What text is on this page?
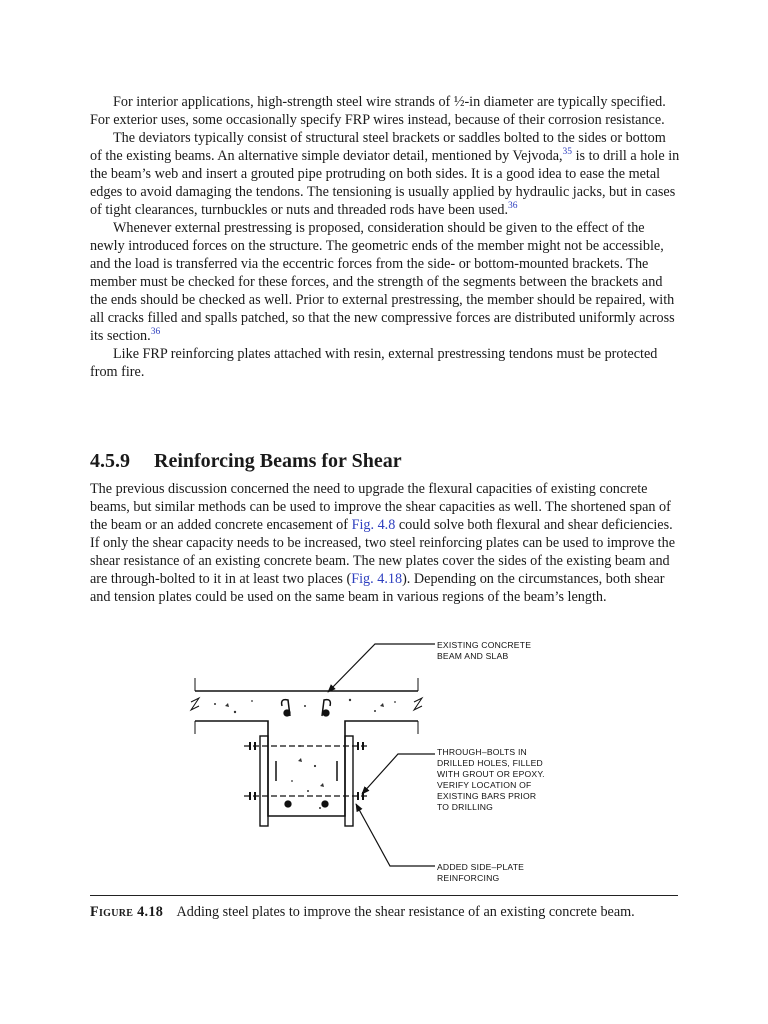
For interior applications, high-strength steel wire strands of ½-in diameter are typically specified. For exterior uses, some occasionally specify FRP wires instead, because of their corrosion resistance.

The deviators typically consist of structural steel brackets or saddles bolted to the sides or bottom of the existing beams. An alternative simple deviator detail, mentioned by Vejvoda,$^{35}$ is to drill a hole in the beam’s web and insert a grouted pipe protruding on both sides. It is a good idea to ease the metal edges to avoid damaging the tendons. The tensioning is usually applied by hydraulic jacks, but in cases of tight clearances, turnbuckles or nuts and threaded rods have been used.$^{36}$

Whenever external prestressing is proposed, consideration should be given to the effect of the newly introduced forces on the structure. The geometric ends of the member might not be accessible, and the load is transferred via the eccentric forces from the side- or bottom-mounted brackets. The member must be checked for these forces, and the strength of the segments between the brackets and the ends should be checked as well. Prior to external prestressing, the member should be repaired, with all cracks filled and spalls patched, so that the new compressive forces are distributed uniformly across its section.$^{36}$

Like FRP reinforcing plates attached with resin, external prestressing tendons must be protected from fire.

4.5.9 Reinforcing Beams for Shear

The previous discussion concerned the need to upgrade the flexural capacities of existing concrete beams, but similar methods can be used to improve the shear capacities as well. The shortened span of the beam or an added concrete encasement of Fig. 4.8 could solve both flexural and shear deficiencies. If only the shear capacity needs to be increased, two steel reinforcing plates can be used to improve the shear resistance of an existing concrete beam. The new plates cover the sides of the existing beam and are through-bolted to it in at least two places (Fig. 4.18). Depending on the circumstances, both shear and tension plates could be used on the same beam in various regions of the beam’s length.

EXISTING CONCRETE
BEAM AND SLAB
THROUGH–BOLTS IN
DRILLED HOLES, FILLED
WITH GROUT OR EPOXY.
VERIFY LOCATION OF
EXISTING BARS PRIOR
TO DRILLING
ADDED SIDE–PLATE
REINFORCING
Figure 4.18 Adding steel plates to improve the shear resistance of an existing concrete beam.
